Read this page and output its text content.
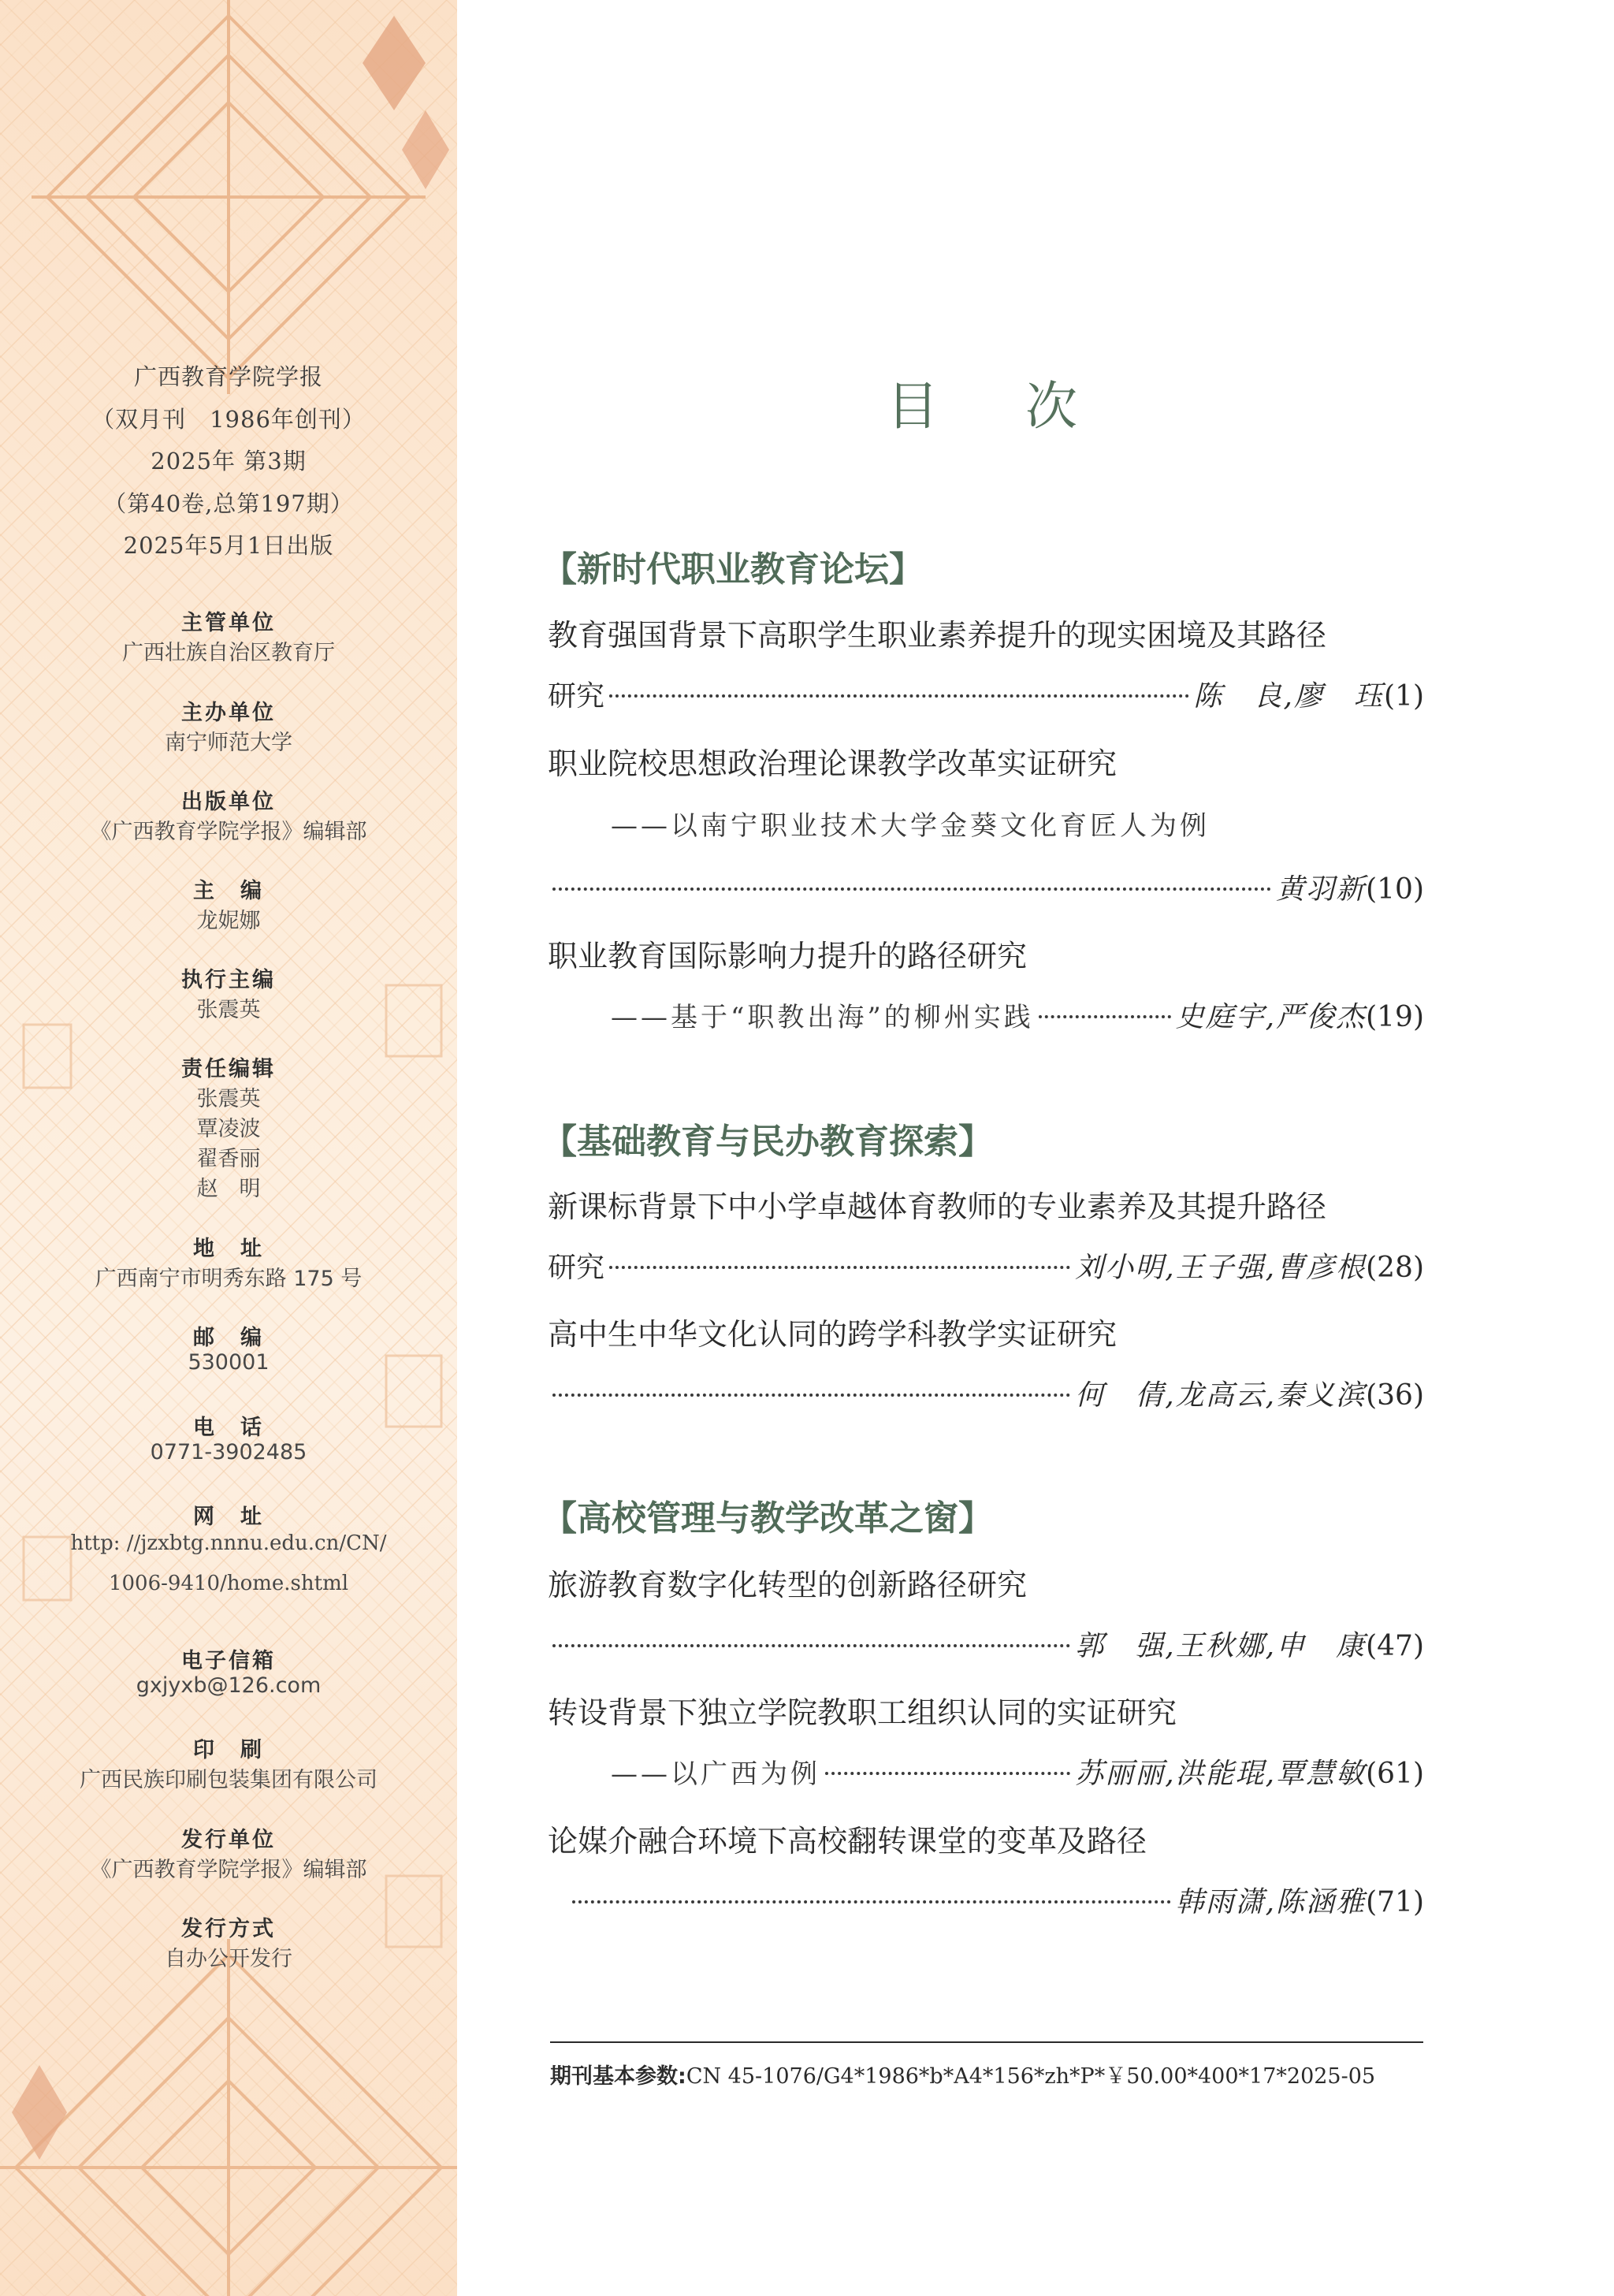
广西教育学院学报
（双月刊　1986年创刊）
2025年 第3期
（第40卷,总第197期）
2025年5月1日出版
主管单位
广西壮族自治区教育厅
主办单位
南宁师范大学
出版单位
《广西教育学院学报》编辑部
主　编
龙妮娜
执行主编
张震英
责任编辑
张震英
覃凌波
翟香丽
赵　明
地　址
广西南宁市明秀东路 175 号
邮　编
530001
电　话
0771-3902485
网　址
http: //jzxbtg.nnnu.edu.cn/CN/
1006-9410/home.shtml
电子信箱
gxjyxb@126.com
印　刷
广西民族印刷包装集团有限公司
发行单位
《广西教育学院学报》编辑部
发行方式
自办公开发行
目 次
【新时代职业教育论坛】
教育强国背景下高职学生职业素养提升的现实困境及其路径
研究	陈　良,廖　珏 (1)
职业院校思想政治理论课教学改革实证研究
——以南宁职业技术大学金葵文化育匠人为例
黄羽新 (10)
职业教育国际影响力提升的路径研究
——基于“职教出海”的柳州实践	史庭宇,严俊杰 (19)
【基础教育与民办教育探索】
新课标背景下中小学卓越体育教师的专业素养及其提升路径
研究	刘小明,王子强,曹彦根 (28)
高中生中华文化认同的跨学科教学实证研究
何　倩,龙高云,秦义滨 (36)
【高校管理与教学改革之窗】
旅游教育数字化转型的创新路径研究
郭　强,王秋娜,申　康 (47)
转设背景下独立学院教职工组织认同的实证研究
——以广西为例	苏丽丽,洪能琨,覃慧敏 (61)
论媒介融合环境下高校翻转课堂的变革及路径
韩雨潇,陈涵雅 (71)
期刊基本参数:CN 45-1076/G4*1986*b*A4*156*zh*P*￥50.00*400*17*2025-05
